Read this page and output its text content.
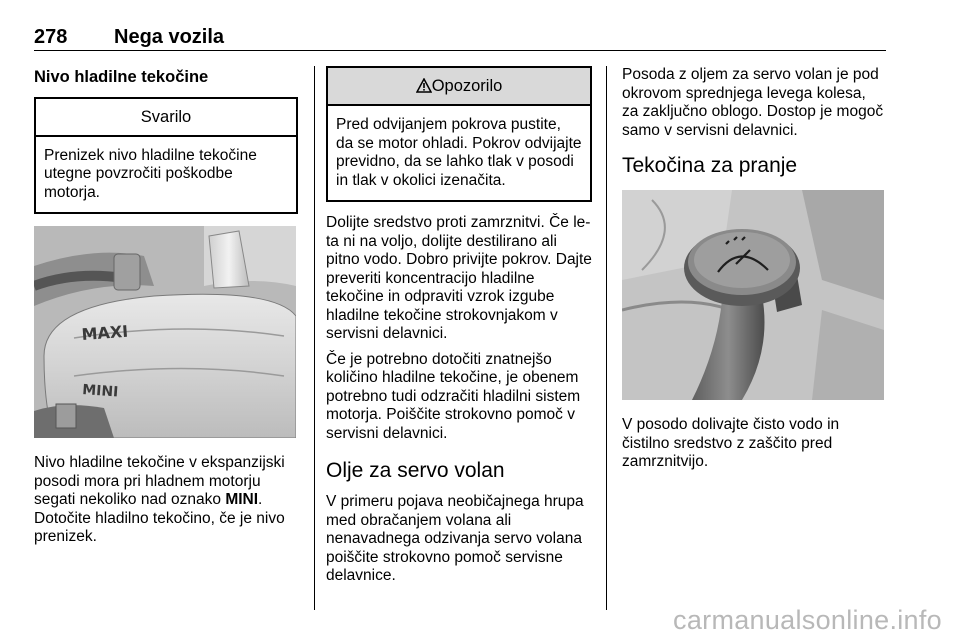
278 Nega vozila
Nivo hladilne tekočine
Svarilo
Prenizek nivo hladilne tekočine utegne povzročiti poškodbe motorja.
MAXI
MINI

Nivo hladilne tekočine v ekspanzijski posodi mora pri hladnem motorju segati nekoliko nad oznako MINI. Dotočite hladilno tekočino, če je nivo prenizek.

Opozorilo
Pred odvijanjem pokrova pustite, da se motor ohladi. Pokrov odvijajte previdno, da se lahko tlak v posodi in tlak v okolici izenačita.

Dolijte sredstvo proti zamrznitvi. Če le-ta ni na voljo, dolijte destilirano ali pitno vodo. Dobro privijte pokrov. Dajte preveriti koncentracijo hladilne tekočine in odpraviti vzrok izgube hladilne tekočine strokovnjakom v servisni delavnici.

Če je potrebno dotočiti znatnejšo količino hladilne tekočine, je obenem potrebno tudi odzračiti hladilni sistem motorja. Poiščite strokovno pomoč v servisni delavnici.

Olje za servo volan

V primeru pojava neobičajnega hrupa med obračanjem volana ali nenavadnega odzivanja servo volana poiščite strokovno pomoč servisne delavnice.

Posoda z oljem za servo volan je pod okrovom sprednjega levega kolesa, za zaključno oblogo. Dostop je mogoč samo v servisni delavnici.

Tekočina za pranje

V posodo dolivajte čisto vodo in čistilno sredstvo z zaščito pred zamrznitvijo.

carmanualsonline.info
